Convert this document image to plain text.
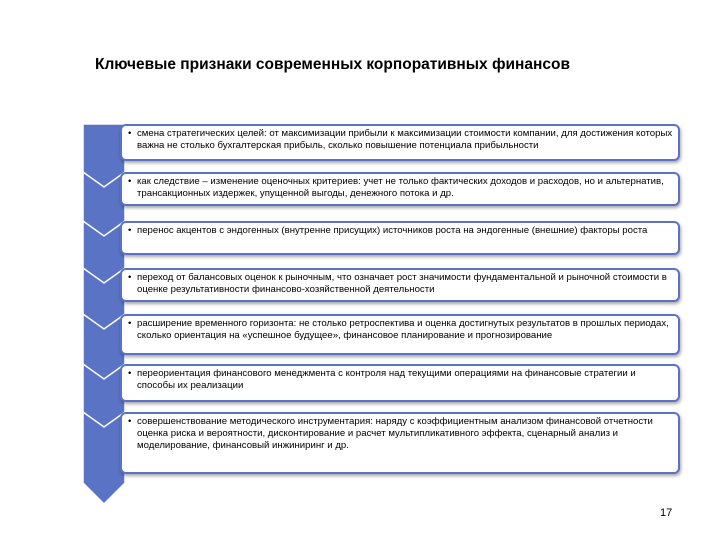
Ключевые признаки современных корпоративных финансов
• смена стратегических целей: от максимизации прибыли к максимизации стоимости компании, для достижения которых важна не столько бухгалтерская прибыль, сколько повышение потенциала прибыльности
• как следствие – изменение оценочных критериев: учет не только фактических доходов и расходов, но и альтернатив, трансакционных издержек, упущенной выгоды, денежного потока и др.
• перенос акцентов с эндогенных (внутренне присущих) источников роста на эндогенные (внешние) факторы роста
• переход от балансовых оценок к рыночным, что означает рост значимости фундаментальной и рыночной стоимости в оценке результативности финансово-хозяйственной деятельности
• расширение временного горизонта: не столько ретроспектива и оценка достигнутых результатов в прошлых периодах, сколько ориентация на «успешное будущее», финансовое планирование и прогнозирование
• переориентация финансового менеджмента с контроля над текущими операциями на финансовые стратегии и способы их реализации
• совершенствование методического инструментария: наряду с коэффициентным анализом финансовой отчетности оценка риска и вероятности, дисконтирование и расчет мультипликативного эффекта, сценарный анализ и моделирование, финансовый инжиниринг и др.
17
